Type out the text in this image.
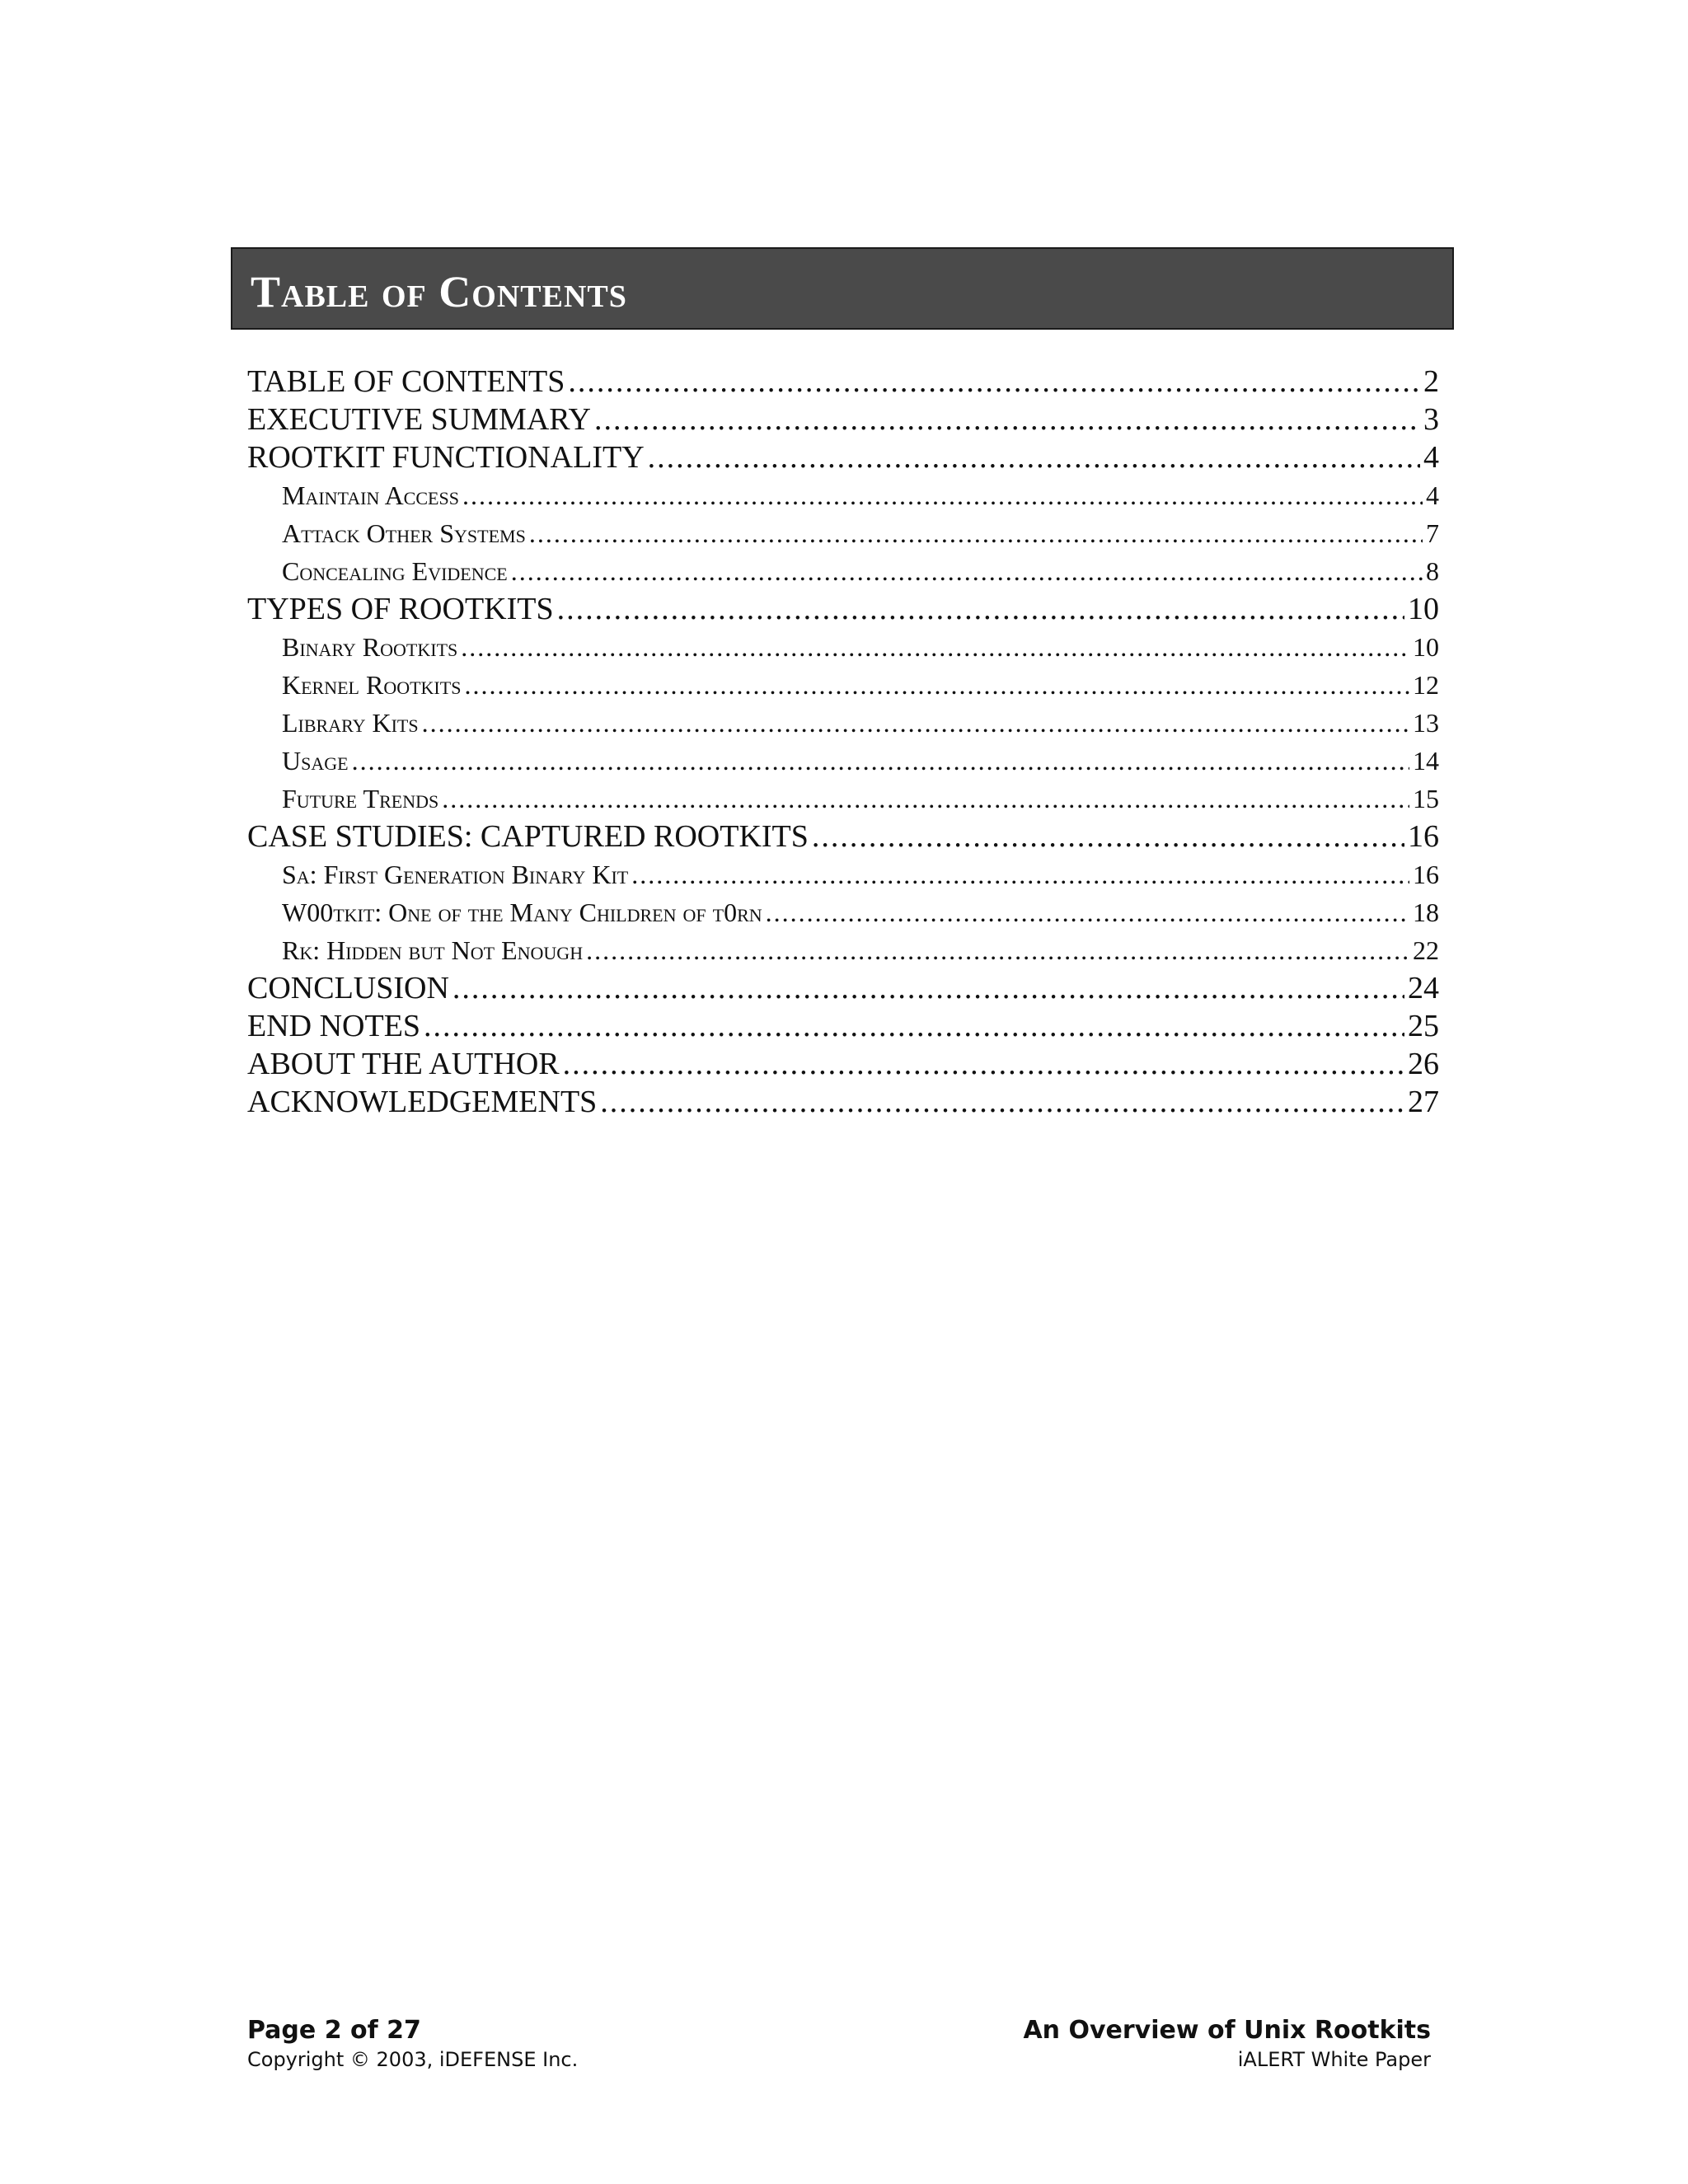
Table of Contents
TABLE OF CONTENTS .....	2
EXECUTIVE SUMMARY .....	3
ROOTKIT FUNCTIONALITY .....	4
Maintain Access .....	4
Attack Other Systems .....	7
Concealing Evidence .....	8
TYPES OF ROOTKITS .....	10
Binary Rootkits .....	10
Kernel Rootkits .....	12
Library Kits .....	13
Usage .....	14
Future Trends .....	15
CASE STUDIES: CAPTURED ROOTKITS .....	16
Sa: First Generation Binary Kit .....	16
W00tkit: One of the Many Children of t0rn .....	18
Rk: Hidden but Not Enough .....	22
CONCLUSION .....	24
END NOTES .....	25
ABOUT THE AUTHOR .....	26
ACKNOWLEDGEMENTS .....	27
Page 2 of 27
Copyright © 2003, iDEFENSE Inc.
An Overview of Unix Rootkits
iALERT White Paper
